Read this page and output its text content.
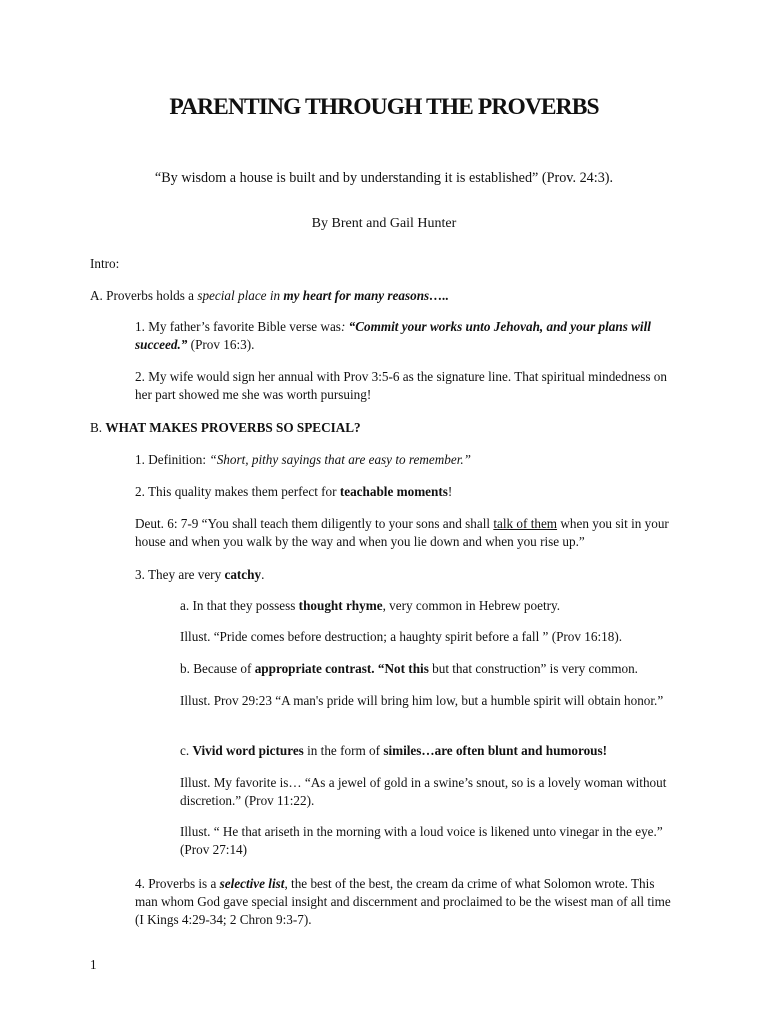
PARENTING THROUGH THE PROVERBS

“By wisdom a house is built and by understanding it is established” (Prov. 24:3).

By Brent and Gail Hunter

Intro:

A. Proverbs holds a special place in my heart for many reasons…..

1. My father’s favorite Bible verse was: “Commit your works unto Jehovah, and your plans will succeed.” (Prov 16:3).

2. My wife would sign her annual with Prov 3:5-6 as the signature line. That spiritual mindedness on her part showed me she was worth pursuing!

B. WHAT MAKES PROVERBS SO SPECIAL?

1. Definition: “Short, pithy sayings that are easy to remember.”

2. This quality makes them perfect for teachable moments!

Deut. 6: 7-9 “You shall teach them diligently to your sons and shall talk of them when you sit in your house and when you walk by the way and when you lie down and when you rise up.”

3. They are very catchy.

a. In that they possess thought rhyme, very common in Hebrew poetry.

Illust. “Pride comes before destruction; a haughty spirit before a fall ” (Prov 16:18).

b. Because of appropriate contrast. “Not this but that construction” is very common.

Illust. Prov 29:23 “A man's pride will bring him low, but a humble spirit will obtain honor.”

c. Vivid word pictures in the form of similes…are often blunt and humorous!

Illust. My favorite is… “As a jewel of gold in a swine’s snout, so is a lovely woman without discretion.” (Prov 11:22).

Illust. “ He that ariseth in the morning with a loud voice is likened unto vinegar in the eye.” (Prov 27:14)

4. Proverbs is a selective list, the best of the best, the cream da crime of what Solomon wrote. This man whom God gave special insight and discernment and proclaimed to be the wisest man of all time (I Kings 4:29-34; 2 Chron 9:3-7).

1
